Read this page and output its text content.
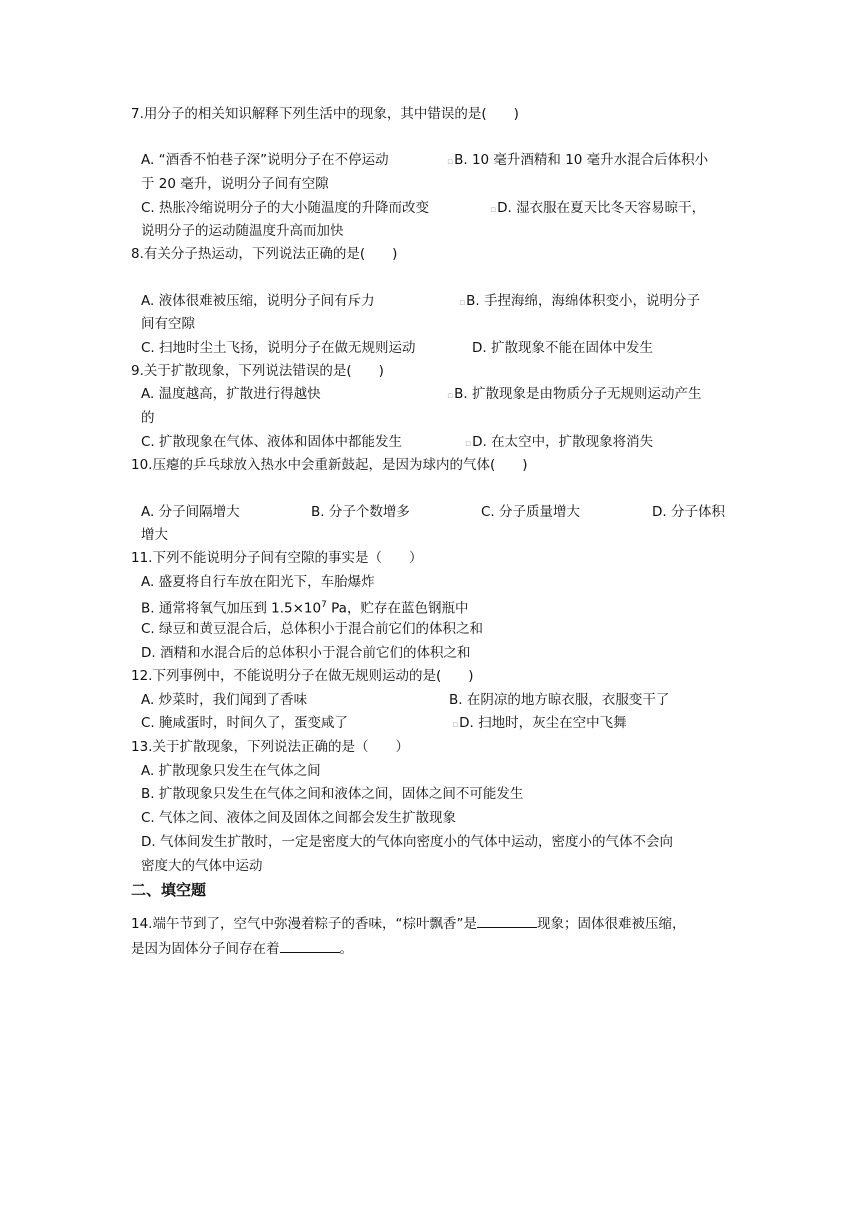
7.用分子的相关知识解释下列生活中的现象，其中错误的是(　　)
A. “酒香不怕巷子深”说明分子在不停运动	▫B. 10 毫升酒精和 10 毫升水混合后体积小
于 20 毫升，说明分子间有空隙
C. 热胀冷缩说明分子的大小随温度的升降而改变	▫D. 湿衣服在夏天比冬天容易晾干，
说明分子的运动随温度升高而加快
8.有关分子热运动，下列说法正确的是(　　)
A. 液体很难被压缩，说明分子间有斥力	▫B. 手捏海绵，海绵体积变小，说明分子
间有空隙
C. 扫地时尘土飞扬，说明分子在做无规则运动	D. 扩散现象不能在固体中发生
9.关于扩散现象，下列说法错误的是(　　)
A. 温度越高，扩散进行得越快	▫B. 扩散现象是由物质分子无规则运动产生
的
C. 扩散现象在气体、液体和固体中都能发生	▫D. 在太空中，扩散现象将消失
10.压瘪的乒乓球放入热水中会重新鼓起，是因为球内的气体(　　)
A. 分子间隔增大	B. 分子个数增多	C. 分子质量增大	D. 分子体积
增大
11.下列不能说明分子间有空隙的事实是（　　）
A. 盛夏将自行车放在阳光下，车胎爆炸
B. 通常将氧气加压到 $1.5\times 10^7$ Pa，贮存在蓝色钢瓶中
C. 绿豆和黄豆混合后，总体积小于混合前它们的体积之和
D. 酒精和水混合后的总体积小于混合前它们的体积之和
12.下列事例中，不能说明分子在做无规则运动的是(　　)
A. 炒菜时，我们闻到了香味	B. 在阴凉的地方晾衣服，衣服变干了
C. 腌咸蛋时，时间久了，蛋变咸了	▫D. 扫地时，灰尘在空中飞舞
13.关于扩散现象，下列说法正确的是（　　）
A. 扩散现象只发生在气体之间
B. 扩散现象只发生在气体之间和液体之间，固体之间不可能发生
C. 气体之间、液体之间及固体之间都会发生扩散现象
D. 气体间发生扩散时，一定是密度大的气体向密度小的气体中运动，密度小的气体不会向
密度大的气体中运动
二、填空题
14.端午节到了，空气中弥漫着粽子的香味，“棕叶飘香”是	现象；固体很难被压缩，
是因为固体分子间存在着	。
